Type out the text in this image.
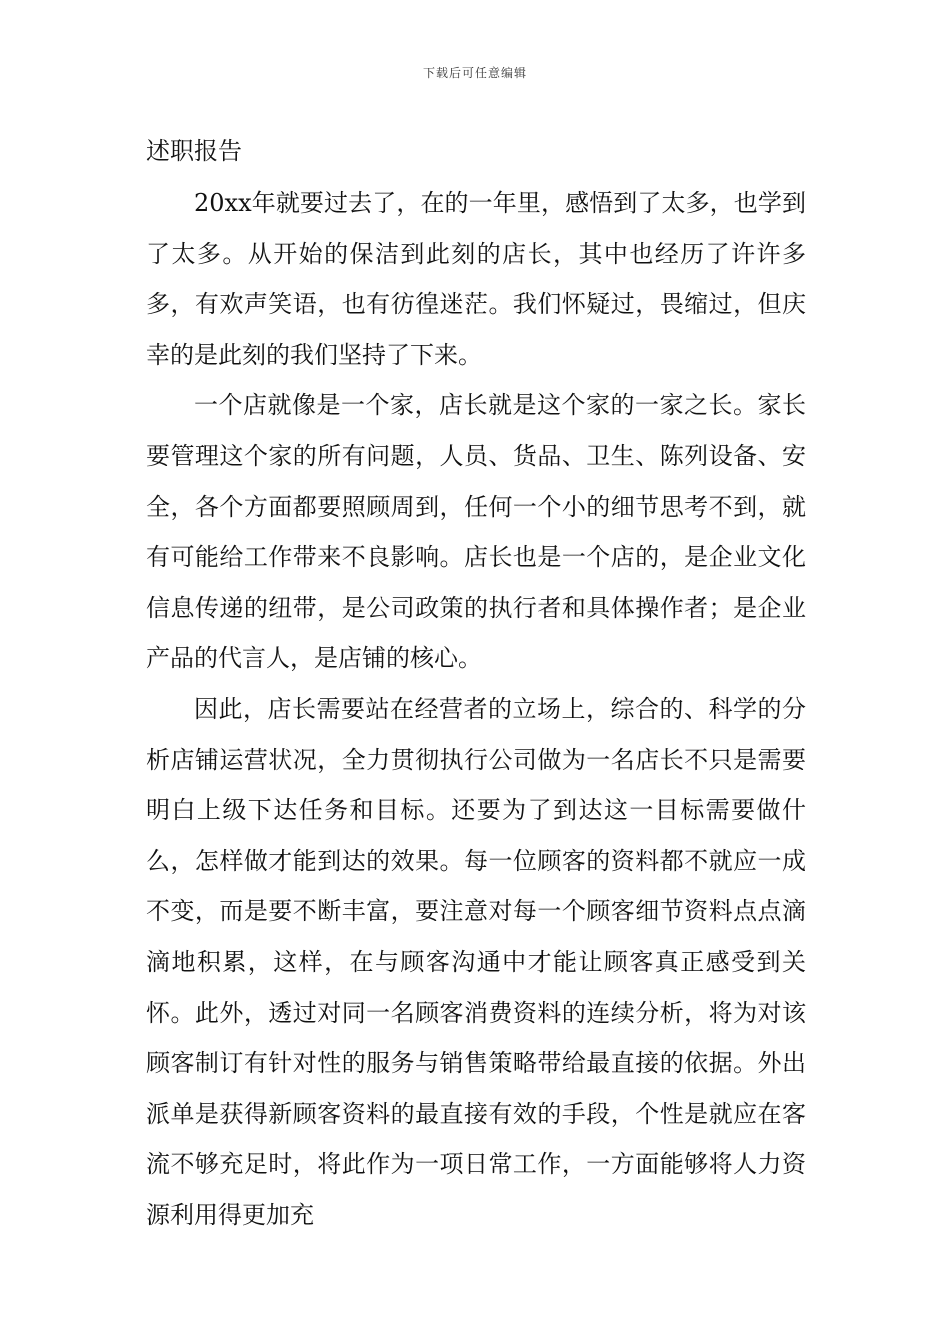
下载后可任意编辑
述职报告

20xx年就要过去了，在的一年里，感悟到了太多，也学到了太多。从开始的保洁到此刻的店长，其中也经历了许许多多，有欢声笑语，也有彷徨迷茫。我们怀疑过，畏缩过，但庆幸的是此刻的我们坚持了下来。

一个店就像是一个家，店长就是这个家的一家之长。家长要管理这个家的所有问题，人员、货品、卫生、陈列设备、安全，各个方面都要照顾周到，任何一个小的细节思考不到，就有可能给工作带来不良影响。店长也是一个店的，是企业文化信息传递的纽带，是公司政策的执行者和具体操作者；是企业产品的代言人，是店铺的核心。

因此，店长需要站在经营者的立场上，综合的、科学的分析店铺运营状况，全力贯彻执行公司做为一名店长不只是需要明白上级下达任务和目标。还要为了到达这一目标需要做什么，怎样做才能到达的效果。每一位顾客的资料都不就应一成不变，而是要不断丰富，要注意对每一个顾客细节资料点点滴滴地积累，这样，在与顾客沟通中才能让顾客真正感受到关怀。此外，透过对同一名顾客消费资料的连续分析，将为对该顾客制订有针对性的服务与销售策略带给最直接的依据。外出派单是获得新顾客资料的最直接有效的手段，个性是就应在客流不够充足时，将此作为一项日常工作，一方面能够将人力资源利用得更加充
